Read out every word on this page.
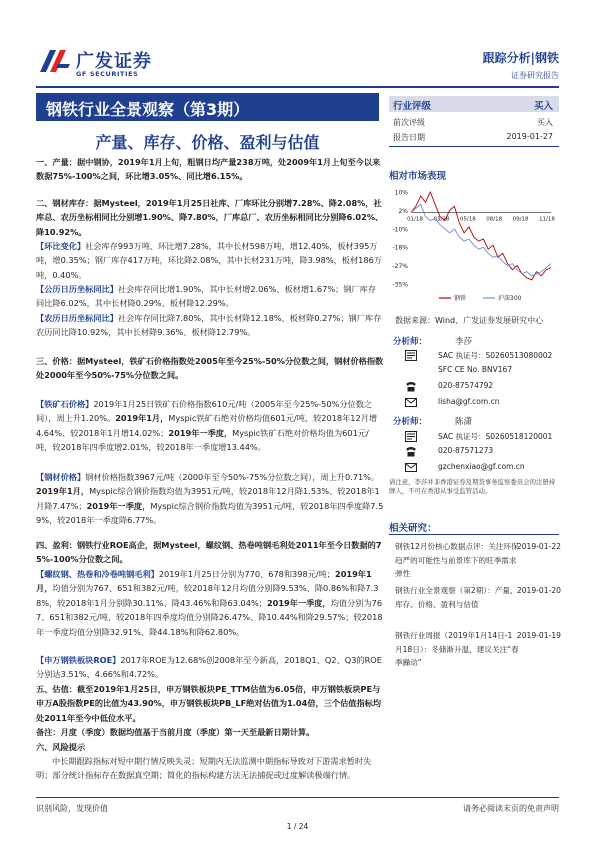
广发证券
GF SECURITIES
跟踪分析|钢铁
证券研究报告
钢铁行业全景观察（第3期）
产量、库存、价格、盈利与估值
一、产量：据中钢协，2019年1月上旬，粗钢日均产量238万吨，处2009年1月上旬至今以来数据75%-100%之间，环比增3.05%、同比增6.15%。
二、钢材库存：据Mysteel，2019年1月25日社库、厂库环比分别增7.28%、降2.08%，社库总、农历坐标相同比分别增1.90%、降7.80%，厂库总厂、农历坐标相同比分别降6.02%、降10.92%。
【环比变化】社会库存993万吨、环比增7.28%，其中长材598万吨，增12.40%，板材395万吨，增0.35%；钢厂库存417万吨，环比降2.08%，其中长材231万吨，降3.98%，板材186万吨，0.40%。
【公历日历坐标同比】社会库存同比增1.90%，其中长材增2.06%、板材增1.67%；钢厂库存同比降6.02%，其中长材降0.29%、板材降12.29%。
【农历日历坐标同比】社会库存同比降7.80%，其中长材降12.18%、板材降0.27%；钢厂库存农历同比降10.92%，其中长材降9.36%、板材降12.79%。
三、价格：据Mysteel，铁矿石价格指数处2005年至今25%-50%分位数之间，钢材价格指数处2000年至今50%-75%分位数之间。
【铁矿石价格】2019年1月25日铁矿石价格指数610元/吨（2005年至今25%-50%分位数之间），周上升1.20%。2019年1月，Myspic铁矿石绝对价格均值601元/吨，较2018年12月增4.64%、较2018年1月增14.02%；2019年一季度，Myspic铁矿石绝对价格均值为601元/吨，较2018年四季度增2.01%，较2018年一季度增13.44%。
【钢材价格】钢材价格指数3967元/吨（2000年至今50%-75%分位数之间），周上升0.71%。2019年1月，Myspic综合钢价指数均值为3951元/吨，较2018年12月降1.53%、较2018年1月降7.47%；2019年一季度，Myspic综合钢价指数均值为3951元/吨，较2018年四季度降7.59%，较2018年一季度降6.77%。
四、盈利：钢铁行业ROE高企，据Mysteel，螺纹钢、热卷吨钢毛利处2011年至今日数据的75%-100%分位数之间。
【螺纹钢、热卷和冷卷吨钢毛利】2019年1月25日分别为770、678和398元/吨；2019年1月，均值分别为767、651和382元/吨，较2018年12月均值分别降9.53%、降0.86%和降7.38%，较2018年1月分别降30.11%、降43.46%和降63.04%；2019年一季度，均值分别为767、651和382元/吨，较2018年四季度均值分别降26.47%、降10.44%和降29.57%；较2018年一季度均值分别降32.91%、降44.18%和降62.80%。
【申万钢铁板块ROE】2017年ROE为12.68%创2008年至今新高，2018Q1、Q2、Q3的ROE分别达3.51%、4.66%和4.72%。
五、估值：截至2019年1月25日，申万钢铁板块PE_TTM估值为6.05倍，申万钢铁板块PE与申万A股指数PE的比值为43.90%，申万钢铁板块PB_LF绝对估值为1.04倍，三个估值指标均处2011年至今中低位水平。
备注：月度（季度）数据均值基于当前月度（季度）第一天至最新日期计算。
六、风险提示
中长期跟踪指标对短中期行情反映失灵；短期内无法监测中期指标导致对下游需求暂时失明；部分统计指标存在数据真空期；简化的指标构建方法无法捕捉或过度解读极端行情。
行业评级	买入
前次评级	买入
报告日期	2019-01-27
相对市场表现
10%
2%
-10%
-18%
-27%
-35%
01/18 03/18 05/18 08/18 09/18 11/18
钢铁	沪深300
数据来源：Wind、广发证券发展研究中心
分析师：	李莎
SAC 执证号：S0260513080002
SFC CE No. BNV167
020-87574792
lisha@gf.com.cn
分析师：	陈潇
SAC 执证号：S0260518120001
020-87571273
gzchenxiao@gf.com.cn
请注意，李莎并非香港证券及期货事务监察委员会的注册持牌人，不可在香港从事受监管活动。
相关研究：
钢铁12月份核心数据点评：关注环保趋严的可能性与前景库下的旺季需求弹性
2019-01-22
钢铁行业全景观察（第2期）：产量、库存、价格、盈利与估值
2019-01-20
钢铁行业周报（2019年1月14日-1月18日）：冬储渐升温，建议关注“春季躁动”
2019-01-19
识别风险，发现价值	请务必阅读末页的免责声明
1 / 24
